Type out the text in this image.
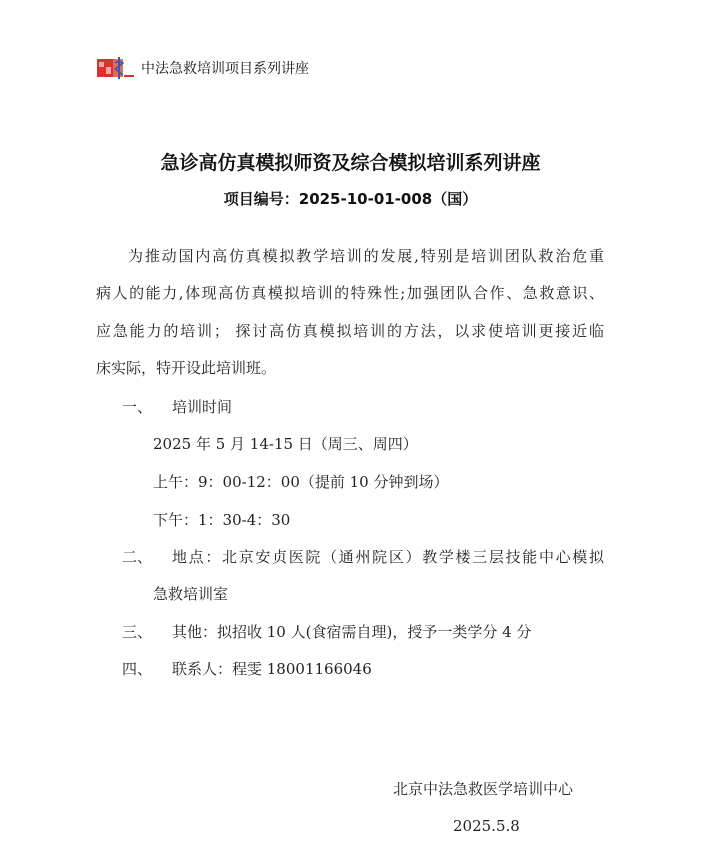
中法急救培训项目系列讲座
急诊高仿真模拟师资及综合模拟培训系列讲座
项目编号：2025-10-01-008（国）
为推动国内高仿真模拟教学培训的发展,特别是培训团队救治危重
病人的能力,体现高仿真模拟培训的特殊性;加强团队合作、急救意识、
应急能力的培训； 探讨高仿真模拟培训的方法，以求使培训更接近临
床实际，特开设此培训班。
一、 培训时间
2025 年 5 月 14-15 日（周三、周四）
上午：9：00-12：00（提前 10 分钟到场）
下午：1：30-4：30
二、 地点：北京安贞医院（通州院区）教学楼三层技能中心模拟
急救培训室
三、 其他：拟招收 10 人(食宿需自理)，授予一类学分 4 分
四、 联系人：程雯 18001166046
北京中法急救医学培训中心
2025.5.8
